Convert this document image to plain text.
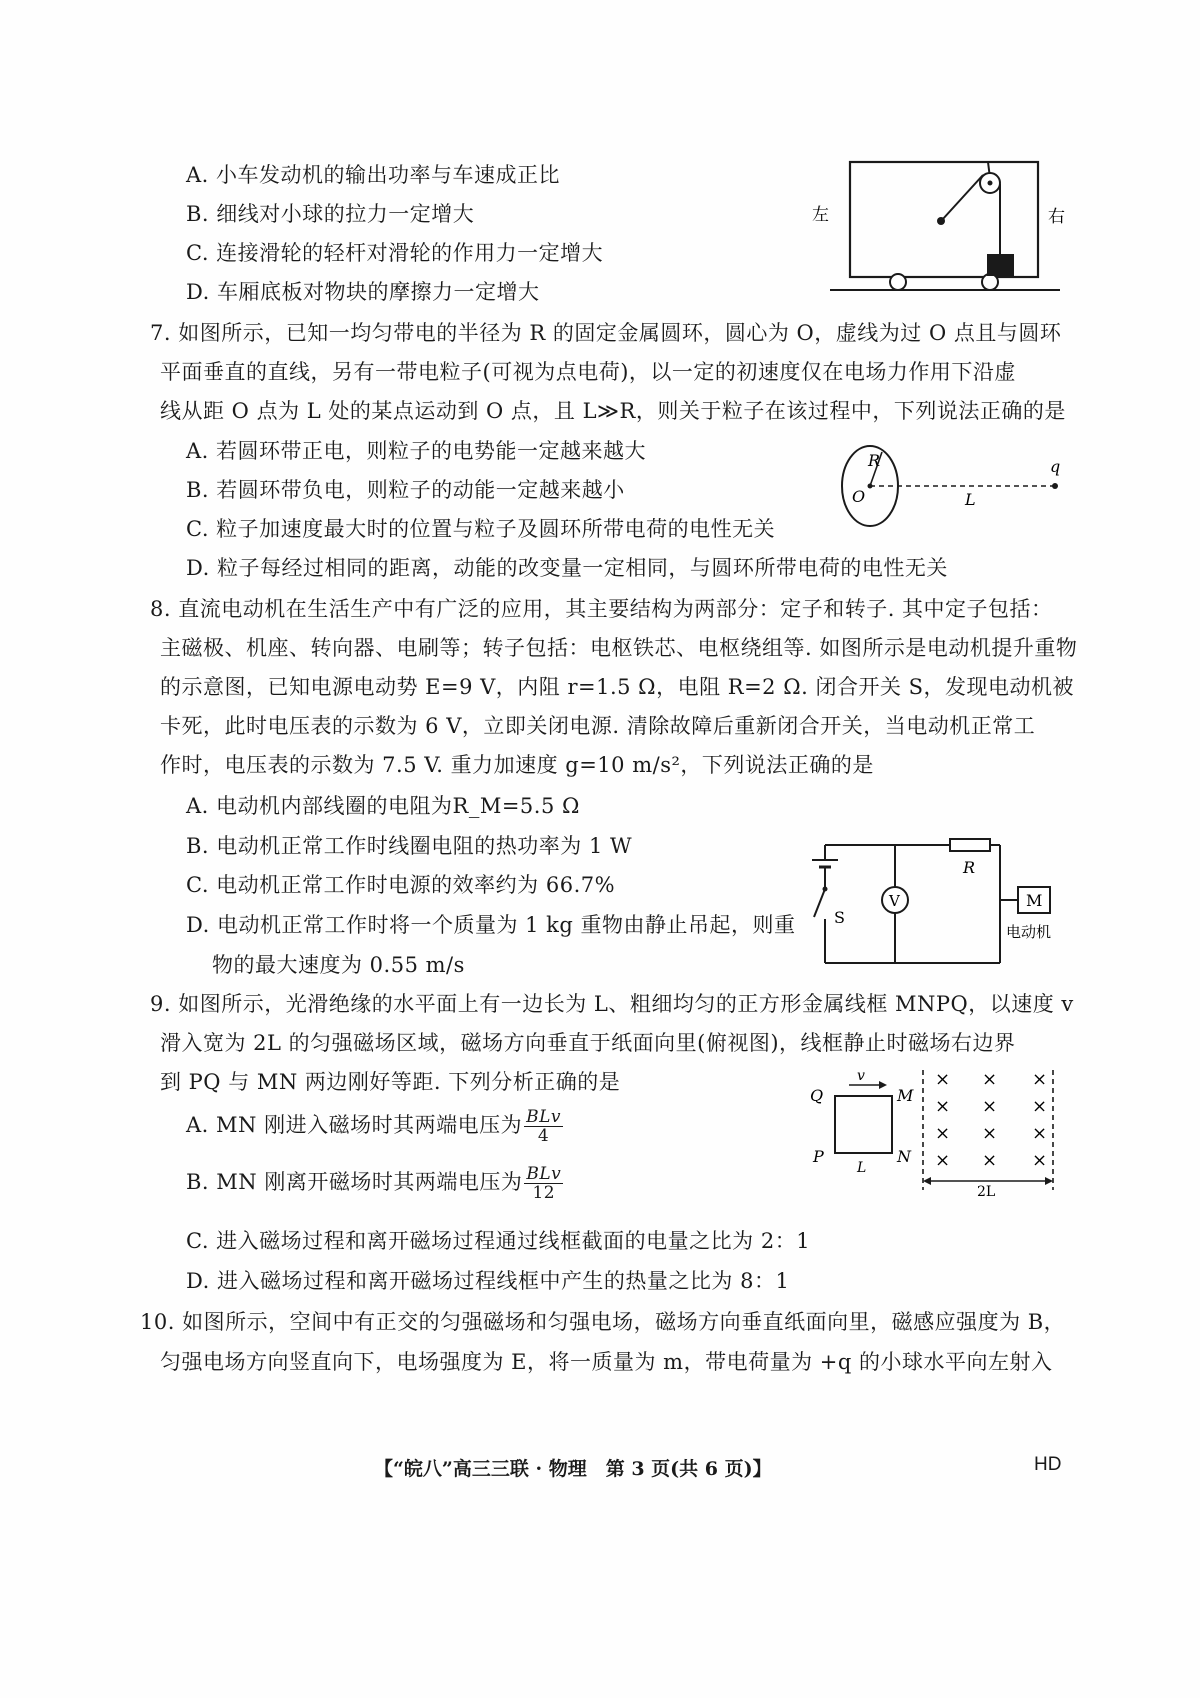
A. 小车发动机的输出功率与车速成正比
B. 细线对小球的拉力一定增大
C. 连接滑轮的轻杆对滑轮的作用力一定增大
D. 车厢底板对物块的摩擦力一定增大
左	右
7. 如图所示，已知一均匀带电的半径为 R 的固定金属圆环，圆心为 O，虚线为过 O 点且与圆环
平面垂直的直线，另有一带电粒子(可视为点电荷)，以一定的初速度仅在电场力作用下沿虚
线从距 O 点为 L 处的某点运动到 O 点，且 L≫R，则关于粒子在该过程中，下列说法正确的是
A. 若圆环带正电，则粒子的电势能一定越来越大
B. 若圆环带负电，则粒子的动能一定越来越小
C. 粒子加速度最大时的位置与粒子及圆环所带电荷的电性无关
D. 粒子每经过相同的距离，动能的改变量一定相同，与圆环所带电荷的电性无关
R
O	L
q
8. 直流电动机在生活生产中有广泛的应用，其主要结构为两部分：定子和转子. 其中定子包括：
主磁极、机座、转向器、电刷等；转子包括：电枢铁芯、电枢绕组等. 如图所示是电动机提升重物
的示意图，已知电源电动势 E=9 V，内阻 r=1.5 Ω，电阻 R=2 Ω. 闭合开关 S，发现电动机被
卡死，此时电压表的示数为 6 V，立即关闭电源. 清除故障后重新闭合开关，当电动机正常工
作时，电压表的示数为 7.5 V. 重力加速度 g=10 m/s²，下列说法正确的是
A. 电动机内部线圈的电阻为R_M=5.5 Ω
B. 电动机正常工作时线圈电阻的热功率为 1 W
C. 电动机正常工作时电源的效率约为 66.7%
D. 电动机正常工作时将一个质量为 1 kg 重物由静止吊起，则重
物的最大速度为 0.55 m/s
V
R
S
M
电动机
9. 如图所示，光滑绝缘的水平面上有一边长为 L、粗细均匀的正方形金属线框 MNPQ，以速度 v
滑入宽为 2L 的匀强磁场区域，磁场方向垂直于纸面向里(俯视图)，线框静止时磁场右边界
到 PQ 与 MN 两边刚好等距. 下列分析正确的是
A. MN 刚进入磁场时其两端电压为 $\frac{\text{BLv}}{4}$
B. MN 刚离开磁场时其两端电压为 $\frac{\text{BLv}}{12}$
C. 进入磁场过程和离开磁场过程通过线框截面的电量之比为 2：1
D. 进入磁场过程和离开磁场过程线框中产生的热量之比为 8：1
v
Q	M
P	N
L
× × ×
× × ×
× × ×
× × ×
2L
10. 如图所示，空间中有正交的匀强磁场和匀强电场，磁场方向垂直纸面向里，磁感应强度为 B，
匀强电场方向竖直向下，电场强度为 E，将一质量为 m，带电荷量为 +q 的小球水平向左射入
【“皖八”高三三联 · 物理　第 3 页(共 6 页)】	HD
